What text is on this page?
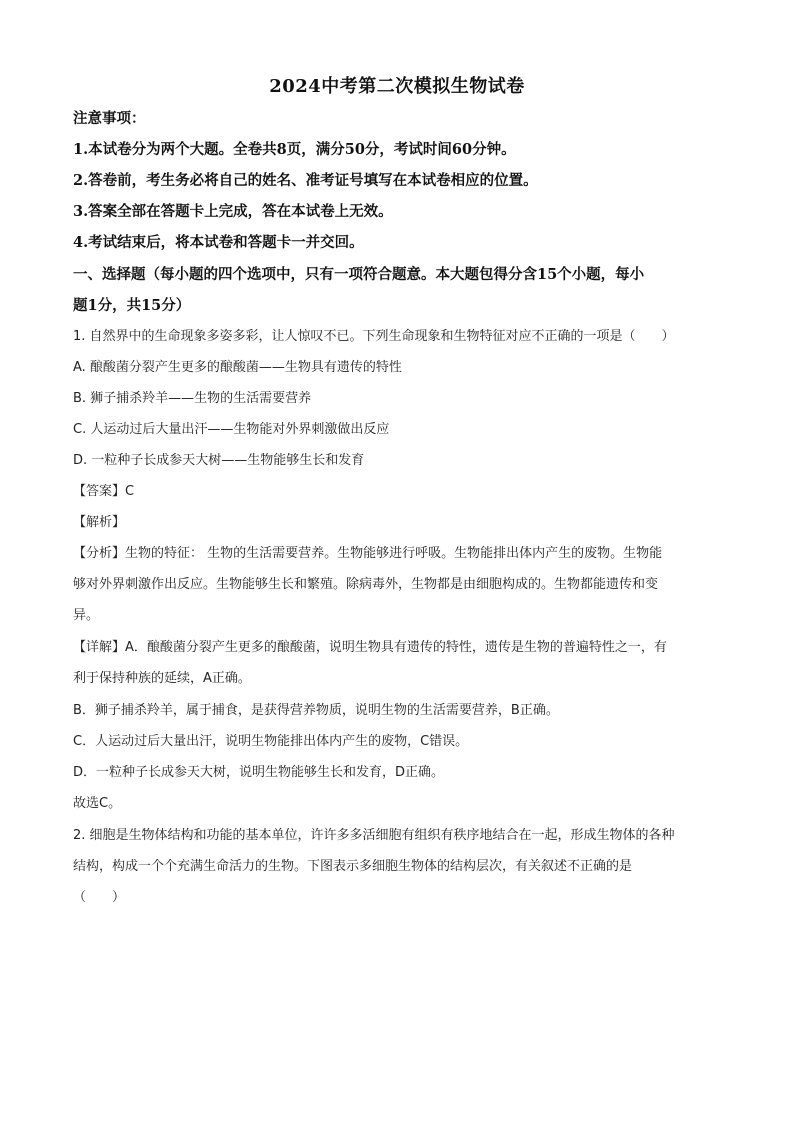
2024中考第二次模拟生物试卷
注意事项：
1.本试卷分为两个大题。全卷共8页，满分50分，考试时间60分钟。
2.答卷前，考生务必将自己的姓名、准考证号填写在本试卷相应的位置。
3.答案全部在答题卡上完成，答在本试卷上无效。
4.考试结束后，将本试卷和答题卡一并交回。
一、选择题（每小题的四个选项中，只有一项符合题意。本大题包得分含15个小题，每小
题1分，共15分）
1. 自然界中的生命现象多姿多彩，让人惊叹不已。下列生命现象和生物特征对应不正确的一项是（　　）
A. 酿酸菌分裂产生更多的酿酸菌——生物具有遗传的特性
B. 狮子捕杀羚羊——生物的生活需要营养
C. 人运动过后大量出汗——生物能对外界刺激做出反应
D. 一粒种子长成参天大树——生物能够生长和发育
【答案】C
【解析】
【分析】生物的特征： 生物的生活需要营养。生物能够进行呼吸。生物能排出体内产生的废物。生物能
够对外界刺激作出反应。生物能够生长和繁殖。除病毒外，生物都是由细胞构成的。生物都能遗传和变
异。
【详解】A．酿酸菌分裂产生更多的酿酸菌，说明生物具有遗传的特性，遗传是生物的普遍特性之一，有
利于保持种族的延续，A正确。
B．狮子捕杀羚羊，属于捕食，是获得营养物质，说明生物的生活需要营养，B正确。
C．人运动过后大量出汗，说明生物能排出体内产生的废物，C错误。
D．一粒种子长成参天大树，说明生物能够生长和发育，D正确。
故选C。
2. 细胞是生物体结构和功能的基本单位，许许多多活细胞有组织有秩序地结合在一起，形成生物体的各种
结构，构成一个个充满生命活力的生物。下图表示多细胞生物体的结构层次，有关叙述不正确的是
（　　）
